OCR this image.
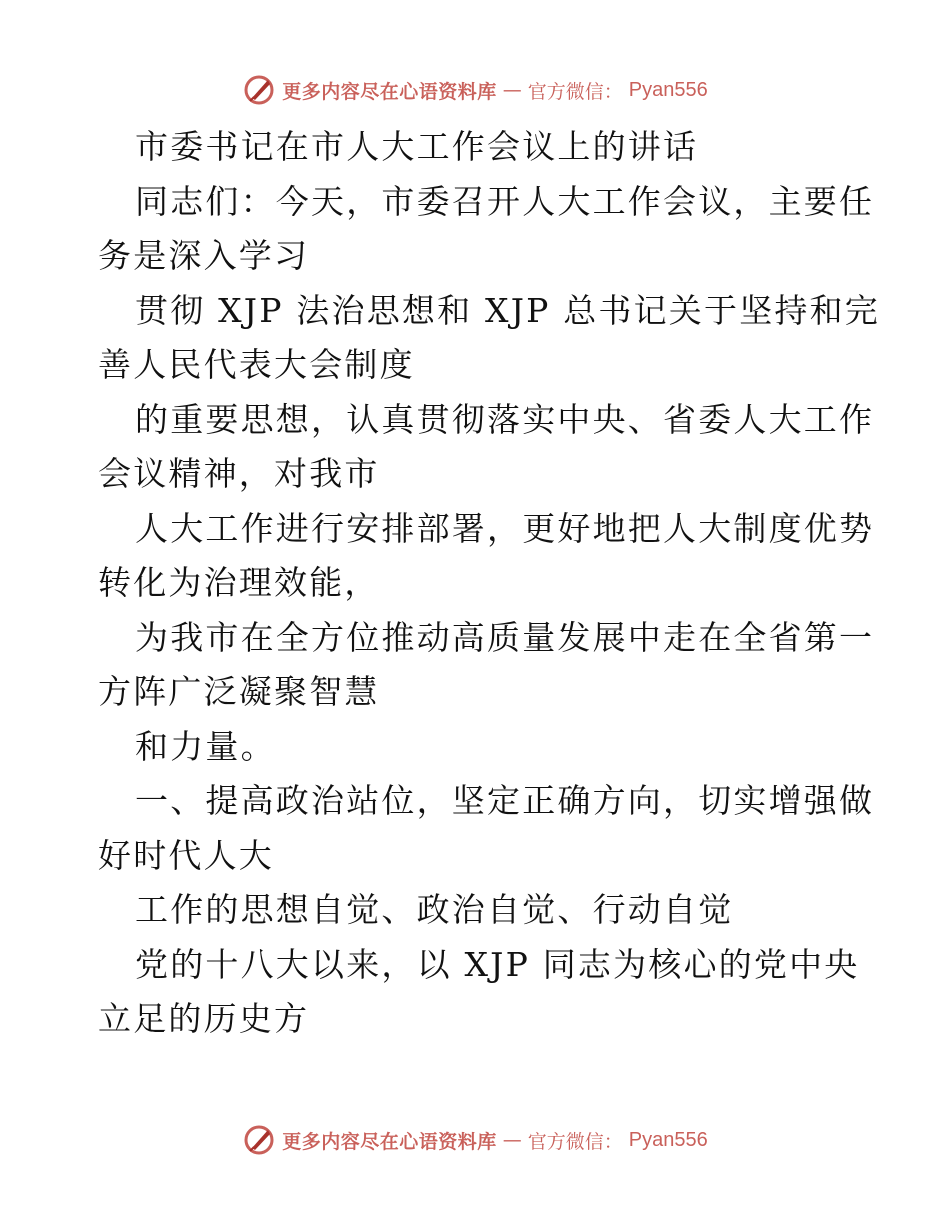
更多内容尽在心语资料库 — 官方微信： Pyan556
市委书记在市人大工作会议上的讲话
同志们：今天，市委召开人大工作会议，主要任
务是深入学习
贯彻 XJP 法治思想和 XJP 总书记关于坚持和完
善人民代表大会制度
的重要思想，认真贯彻落实中央、省委人大工作
会议精神，对我市
人大工作进行安排部署，更好地把人大制度优势
转化为治理效能，
为我市在全方位推动高质量发展中走在全省第一
方阵广泛凝聚智慧
和力量。
一、提高政治站位，坚定正确方向，切实增强做
好时代人大
工作的思想自觉、政治自觉、行动自觉
党的十八大以来，以 XJP 同志为核心的党中央
立足的历史方
更多内容尽在心语资料库 — 官方微信： Pyan556
